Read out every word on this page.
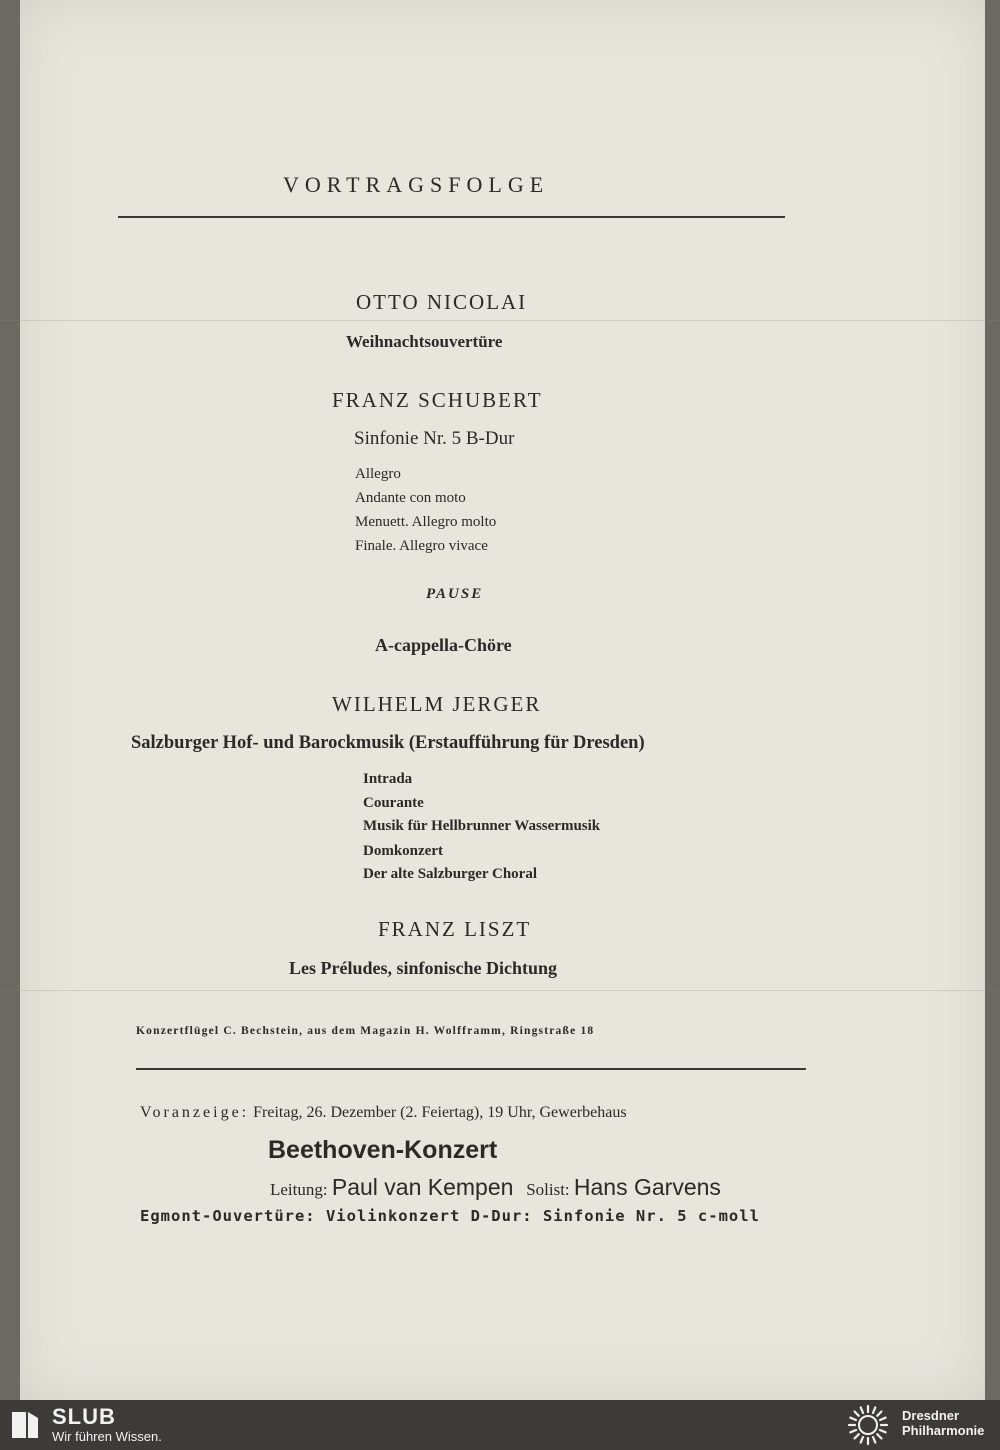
VORTRAGSFOLGE
OTTO NICOLAI
Weihnachtsouvertüre
FRANZ SCHUBERT
Sinfonie Nr. 5 B-Dur
Allegro
Andante con moto
Menuett. Allegro molto
Finale. Allegro vivace
PAUSE
A-cappella-Chöre
WILHELM JERGER
Salzburger Hof- und Barockmusik (Erstaufführung für Dresden)
Intrada
Courante
Musik für Hellbrunner Wassermusik
Domkonzert
Der alte Salzburger Choral
FRANZ LISZT
Les Préludes, sinfonische Dichtung
Konzertflügel C. Bechstein, aus dem Magazin H. Wolfframm, Ringstraße 18
Voranzeige: Freitag, 26. Dezember (2. Feiertag), 19 Uhr, Gewerbehaus
Beethoven-Konzert
Leitung: Paul van Kempen Solist: Hans Garvens
Egmont-Ouvertüre: Violinkonzert D-Dur: Sinfonie Nr. 5 c-moll
SLUB
Wir führen Wissen.
Dresdner
Philharmonie
